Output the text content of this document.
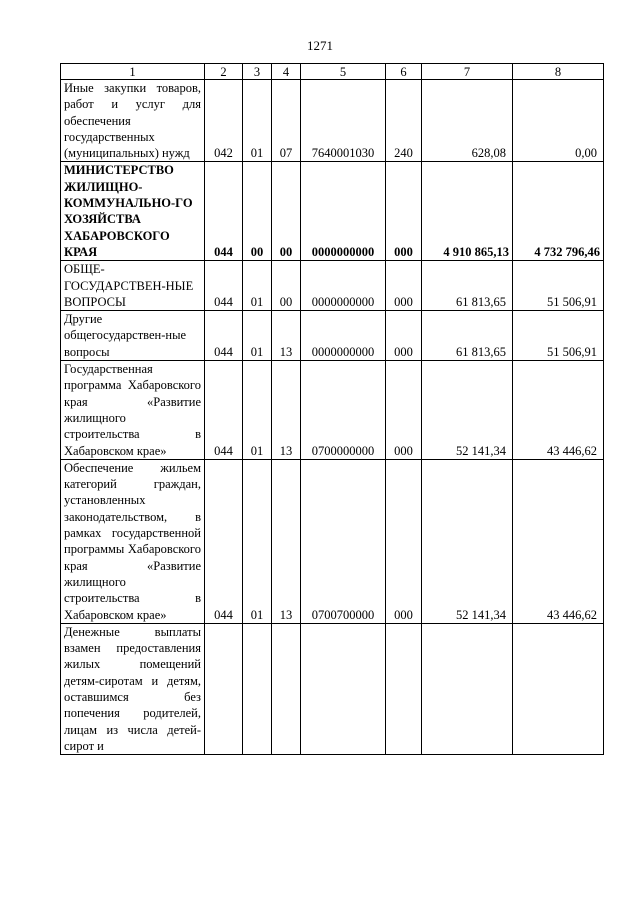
1271
1	2	3	4	5	6	7	8
Иные закупки товаров, работ и услуг для обеспечения государственных (муниципальных) нужд	042	01	07	7640001030	240	628,08	0,00
МИНИСТЕРСТВО ЖИЛИЩНО-КОММУНАЛЬНО-ГО ХОЗЯЙСТВА ХАБАРОВСКОГО КРАЯ	044	00	00	0000000000	000	4 910 865,13	4 732 796,46
ОБЩЕ-ГОСУДАРСТВЕН-НЫЕ ВОПРОСЫ	044	01	00	0000000000	000	61 813,65	51 506,91
Другие общегосударствен-ные вопросы	044	01	13	0000000000	000	61 813,65	51 506,91
Государственная программа Хабаровского края «Развитие жилищного строительства в Хабаровском крае»	044	01	13	0700000000	000	52 141,34	43 446,62
Обеспечение жильем категорий граждан, установленных законодательством, в рамках государственной программы Хабаровского края «Развитие жилищного строительства в Хабаровском крае»	044	01	13	0700700000	000	52 141,34	43 446,62
Денежные выплаты взамен предоставления жилых помещений детям-сиротам и детям, оставшимся без попечения родителей, лицам из числа детей-сирот и							
